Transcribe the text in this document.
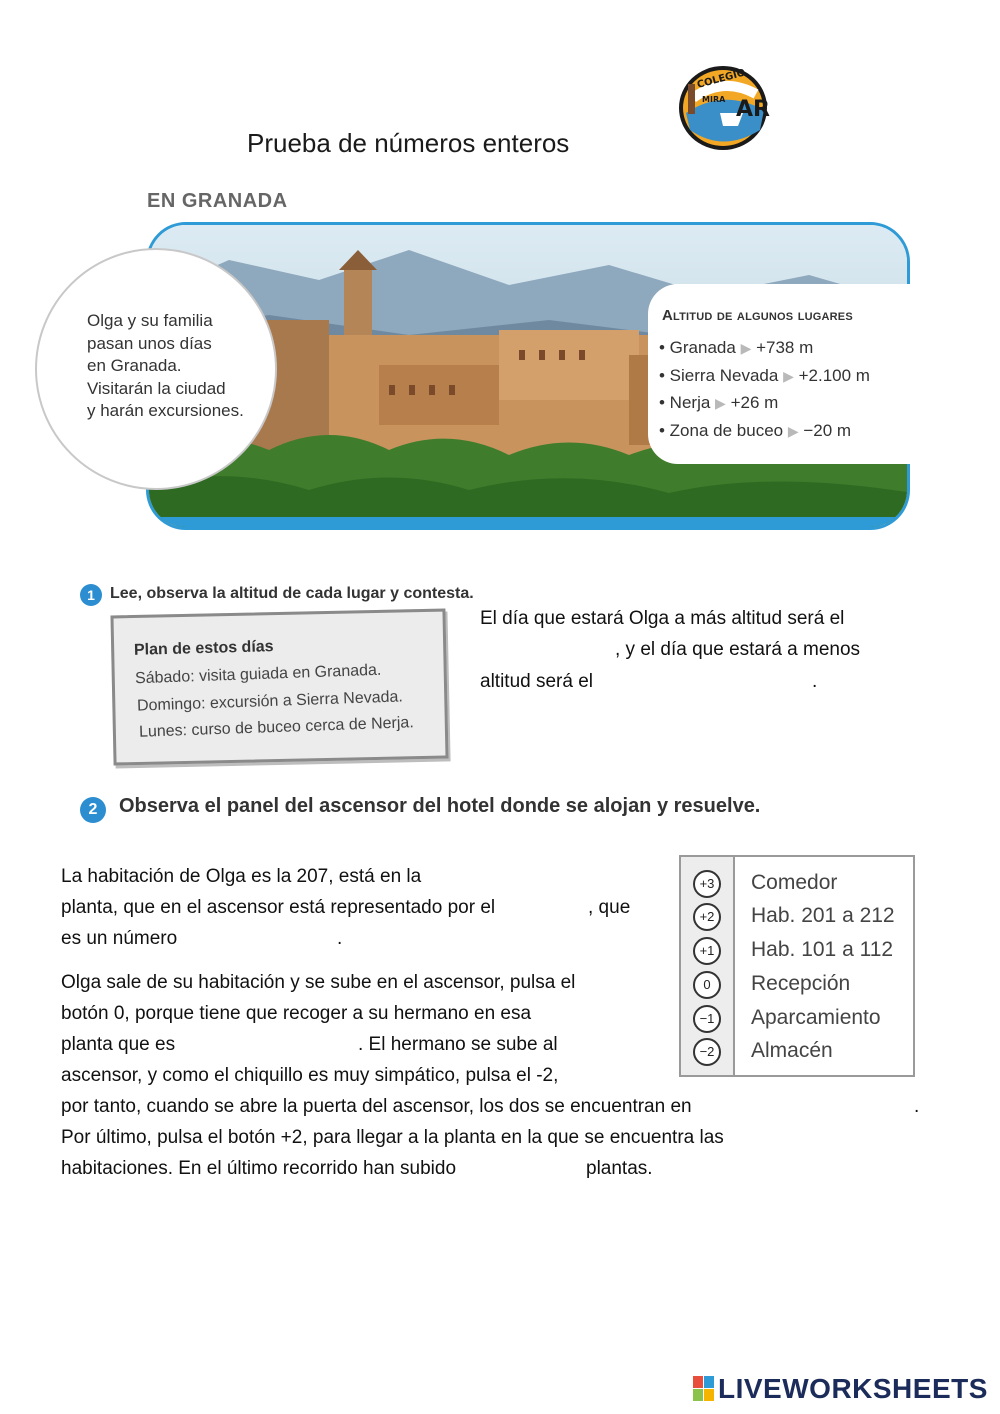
COLEGIO
MIRA AR
Prueba de números enteros
EN GRANADA
Olga y su familia
pasan unos días
en Granada.
Visitarán la ciudad
y harán excursiones.
Altitud de algunos lugares
• Granada ▶ +738 m
• Sierra Nevada ▶ +2.100 m
• Nerja ▶ +26 m
• Zona de buceo ▶ −20 m
1 Lee, observa la altitud de cada lugar y contesta.
Plan de estos días
Sábado: visita guiada en Granada.
Domingo: excursión a Sierra Nevada.
Lunes: curso de buceo cerca de Nerja.
El día que estará Olga a más altitud será el
, y el día que estará a menos
altitud será el	.
2	Observa el panel del ascensor del hotel donde se alojan y resuelve.
La habitación de Olga es la 207, está en la
planta, que en el ascensor está representado por el	, que
es un número	.
Olga sale de su habitación y se sube en el ascensor, pulsa el
botón 0, porque tiene que recoger a su hermano en esa
planta que es	. El hermano se sube al
ascensor, y como el chiquillo es muy simpático, pulsa el -2,
por tanto, cuando se abre la puerta del ascensor, los dos se encuentran en	.
Por último, pulsa el botón +2, para llegar a la planta en la que se encuentra las
habitaciones. En el último recorrido han subido	plantas.
+3	Comedor
+2	Hab. 201 a 212
+1	Hab. 101 a 112
0	Recepción
−1	Aparcamiento
−2	Almacén
LIVEWORKSHEETS
